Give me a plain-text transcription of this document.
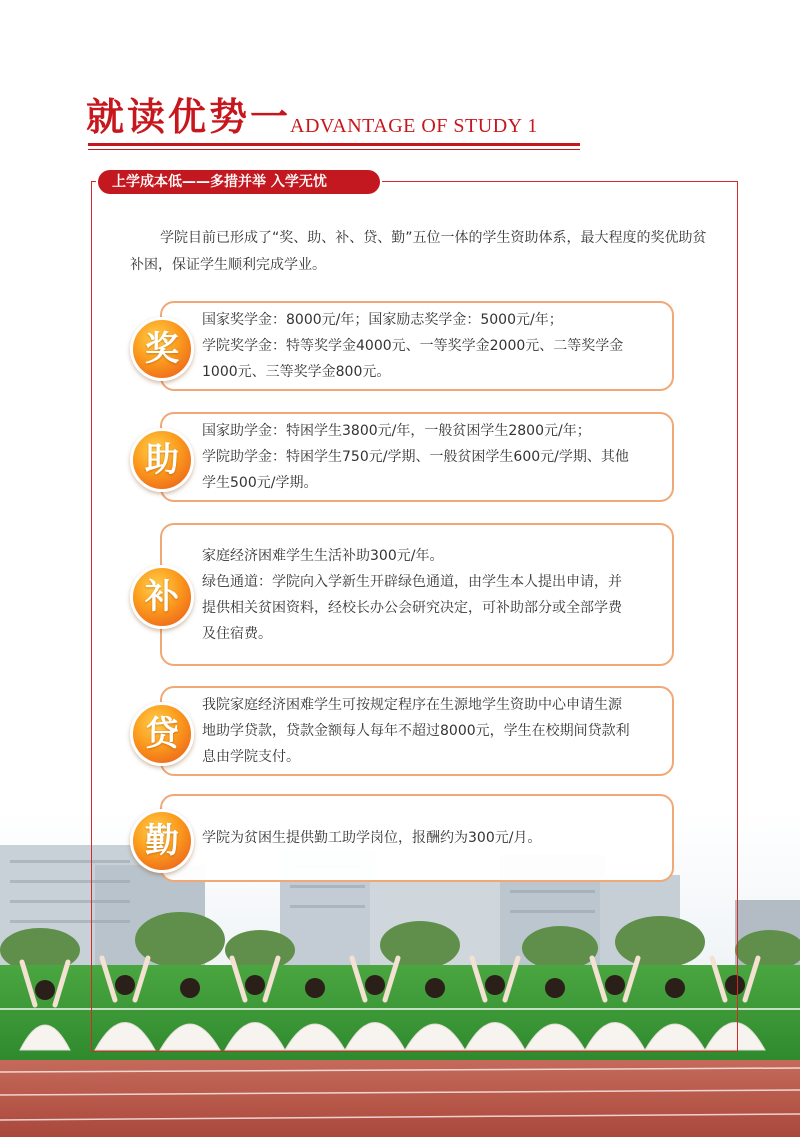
就读优势一
ADVANTAGE OF STUDY 1
上学成本低——多措并举 入学无忧
学院目前已形成了“奖、助、补、贷、勤”五位一体的学生资助体系，最大程度的奖优助贫补困，保证学生顺利完成学业。

国家奖学金：8000元/年；国家励志奖学金：5000元/年；

学院奖学金：特等奖学金4000元、一等奖学金2000元、二等奖学金

1000元、三等奖学金800元。

奖

国家助学金：特困学生3800元/年，一般贫困学生2800元/年；

学院助学金：特困学生750元/学期、一般贫困学生600元/学期、其他

学生500元/学期。

助

家庭经济困难学生生活补助300元/年。

绿色通道：学院向入学新生开辟绿色通道，由学生本人提出申请，并

提供相关贫困资料，经校长办公会研究决定，可补助部分或全部学费

及住宿费。

补

我院家庭经济困难学生可按规定程序在生源地学生资助中心申请生源

地助学贷款，贷款金额每人每年不超过8000元，学生在校期间贷款利

息由学院支付。

贷

学院为贫困生提供勤工助学岗位，报酬约为300元/月。

勤
